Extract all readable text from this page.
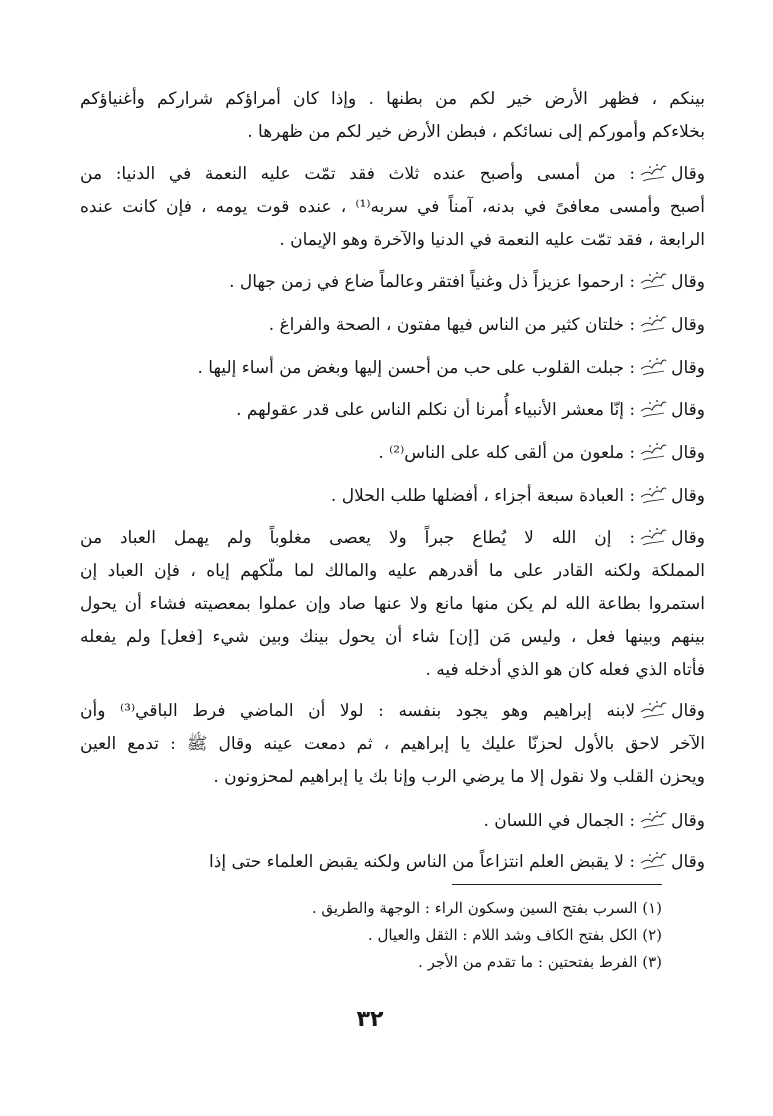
بينكم ، فظهر الأرض خير لكم من بطنها . وإذا كان أمراؤكم شراركم وأغنياؤكم
بخلاءكم وأموركم إلى نسائكم ، فبطن الأرض خير لكم من ظهرها .
وقال
: من أمسى وأصبح عنده ثلاث فقد تمّت عليه النعمة في الدنيا: من
أصبح وأمسى معافىً في بدنه، آمناً في سربه⁽¹⁾ ، عنده قوت يومه ، فإن كانت عنده
الرابعة ، فقد تمّت عليه النعمة في الدنيا والآخرة وهو الإيمان .
وقال
: ارحموا عزيزاً ذل وغنياً افتقر وعالماً ضاع في زمن جهال .
وقال
: خلتان كثير من الناس فيها مفتون ، الصحة والفراغ .
وقال
: جبلت القلوب على حب من أحسن إليها وبغض من أساء إليها .
وقال
: إنّا معشر الأنبياء أُمرنا أن نكلم الناس على قدر عقولهم .
وقال
: ملعون من ألقى كله على الناس⁽²⁾ .
وقال
: العبادة سبعة أجزاء ، أفضلها طلب الحلال .
وقال
: إن الله لا يُطاع جبراً ولا يعصى مغلوباً ولم يهمل العباد من
المملكة ولكنه القادر على ما أقدرهم عليه والمالك لما ملّكهم إياه ، فإن العباد إن
استمروا بطاعة الله لم يكن منها مانع ولا عنها صاد وإن عملوا بمعصيته فشاء أن يحول
بينهم وبينها فعل ، وليس مَن [إن] شاء أن يحول بينك وبين شيء [فعل] ولم يفعله
فأتاه الذي فعله كان هو الذي أدخله فيه .
وقال
لابنه إبراهيم وهو يجود بنفسه : لولا أن الماضي فرط الباقي⁽³⁾ وأن
الآخر لاحق بالأول لحزنّا عليك يا إبراهيم ، ثم دمعت عينه وقال ﷺ : تدمع العين
ويحزن القلب ولا نقول إلا ما يرضي الرب وإنا بك يا إبراهيم لمحزونون .
وقال
: الجمال في اللسان .
وقال
: لا يقبض العلم انتزاعاً من الناس ولكنه يقبض العلماء حتى إذا
(١) السرب بفتح السين وسكون الراء : الوجهة والطريق .
(٢) الكل بفتح الكاف وشد اللام : الثقل والعيال .
(٣) الفرط بفتحتين : ما تقدم من الأجر .
٣٢
